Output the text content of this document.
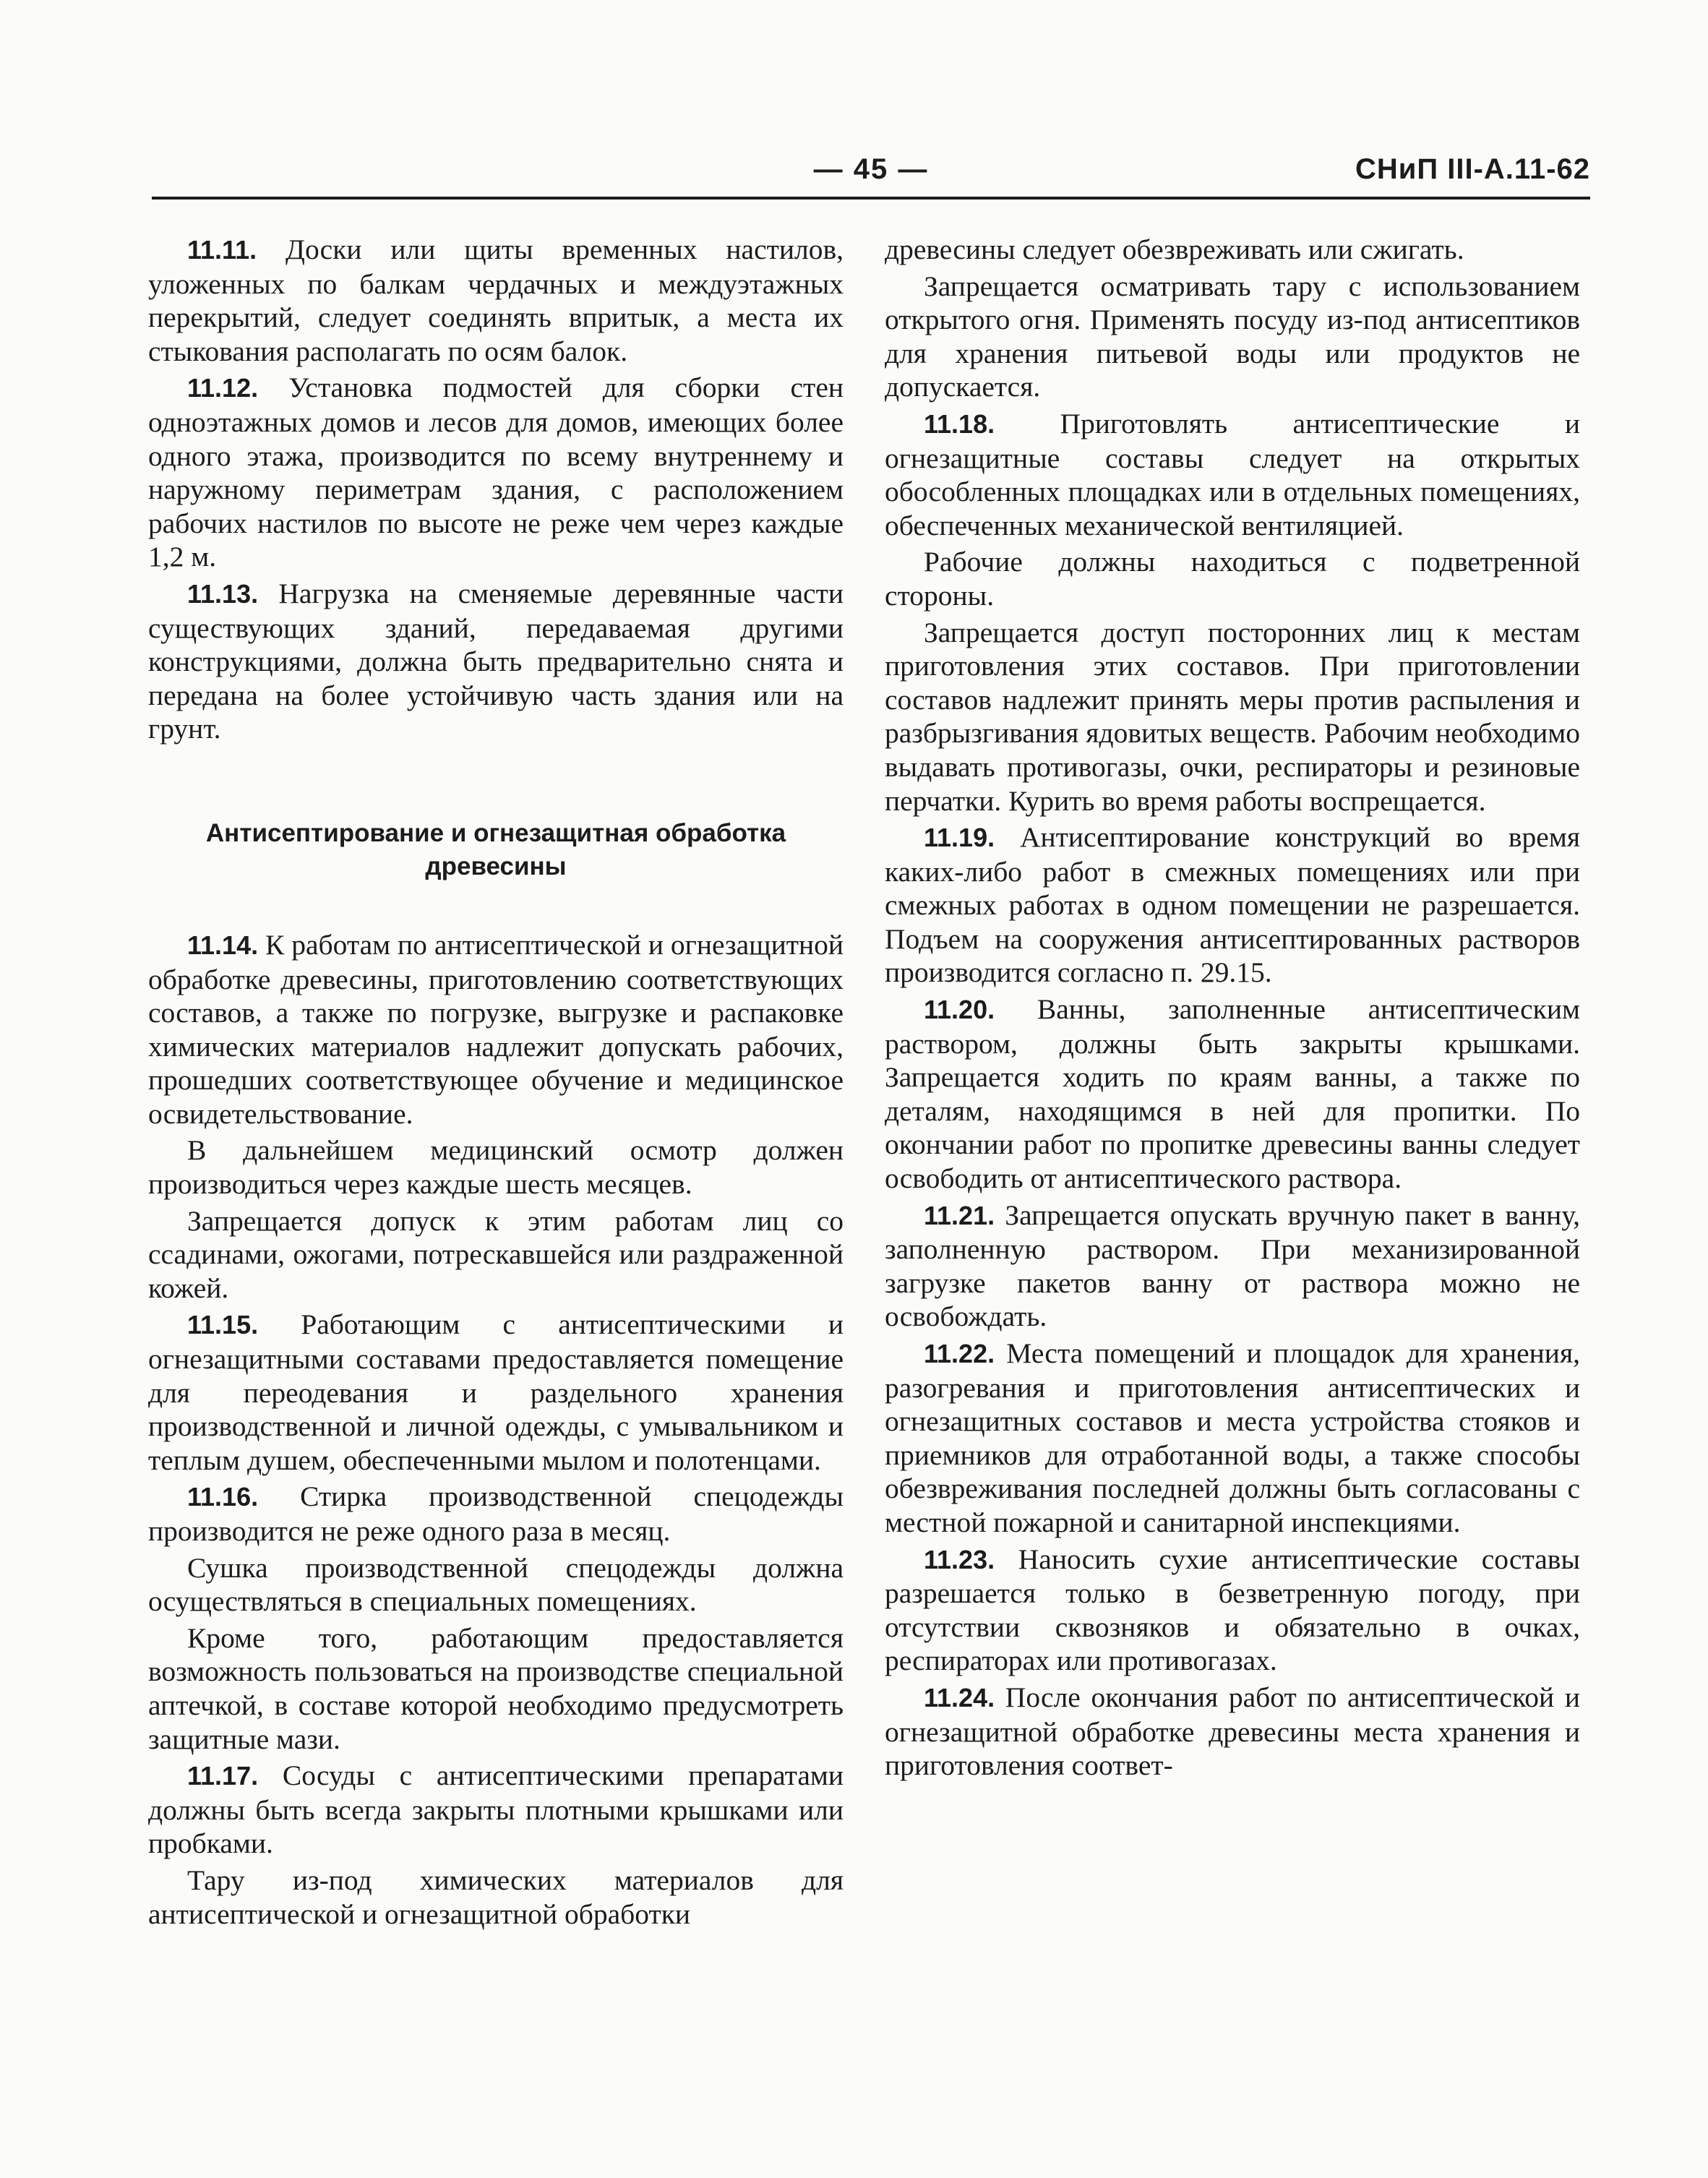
— 45 —	СНиП III-А.11-62

11.11. Доски или щиты временных настилов, уложенных по балкам чердачных и междуэтажных перекрытий, следует соединять впритык, а места их стыкования располагать по осям балок.

11.12. Установка подмостей для сборки стен одноэтажных домов и лесов для домов, имеющих более одного этажа, производится по всему внутреннему и наружному периметрам здания, с расположением рабочих настилов по высоте не реже чем через каждые 1,2 м.

11.13. Нагрузка на сменяемые деревянные части существующих зданий, передаваемая другими конструкциями, должна быть предварительно снята и передана на более устойчивую часть здания или на грунт.

Антисептирование и огнезащитная обработка древесины

11.14. К работам по антисептической и огнезащитной обработке древесины, приготовлению соответствующих составов, а также по погрузке, выгрузке и распаковке химических материалов надлежит допускать рабочих, прошедших соответствующее обучение и медицинское освидетельствование.

В дальнейшем медицинский осмотр должен производиться через каждые шесть месяцев.

Запрещается допуск к этим работам лиц со ссадинами, ожогами, потрескавшейся или раздраженной кожей.

11.15. Работающим с антисептическими и огнезащитными составами предоставляется помещение для переодевания и раздельного хранения производственной и личной одежды, с умывальником и теплым душем, обеспеченными мылом и полотенцами.

11.16. Стирка производственной спецодежды производится не реже одного раза в месяц.

Сушка производственной спецодежды должна осуществляться в специальных помещениях.

Кроме того, работающим предоставляется возможность пользоваться на производстве специальной аптечкой, в составе которой необходимо предусмотреть защитные мази.

11.17. Сосуды с антисептическими препаратами должны быть всегда закрыты плотными крышками или пробками.

Тару из-под химических материалов для антисептической и огнезащитной обработки

древесины следует обезвреживать или сжигать.

Запрещается осматривать тару с использованием открытого огня. Применять посуду из-под антисептиков для хранения питьевой воды или продуктов не допускается.

11.18. Приготовлять антисептические и огнезащитные составы следует на открытых обособленных площадках или в отдельных помещениях, обеспеченных механической вентиляцией.

Рабочие должны находиться с подветренной стороны.

Запрещается доступ посторонних лиц к местам приготовления этих составов. При приготовлении составов надлежит принять меры против распыления и разбрызгивания ядовитых веществ. Рабочим необходимо выдавать противогазы, очки, респираторы и резиновые перчатки. Курить во время работы воспрещается.

11.19. Антисептирование конструкций во время каких-либо работ в смежных помещениях или при смежных работах в одном помещении не разрешается. Подъем на сооружения антисептированных растворов производится согласно п. 29.15.

11.20. Ванны, заполненные антисептическим раствором, должны быть закрыты крышками. Запрещается ходить по краям ванны, а также по деталям, находящимся в ней для пропитки. По окончании работ по пропитке древесины ванны следует освободить от антисептического раствора.

11.21. Запрещается опускать вручную пакет в ванну, заполненную раствором. При механизированной загрузке пакетов ванну от раствора можно не освобождать.

11.22. Места помещений и площадок для хранения, разогревания и приготовления антисептических и огнезащитных составов и места устройства стояков и приемников для отработанной воды, а также способы обезвреживания последней должны быть согласованы с местной пожарной и санитарной инспекциями.

11.23. Наносить сухие антисептические составы разрешается только в безветренную погоду, при отсутствии сквозняков и обязательно в очках, респираторах или противогазах.

11.24. После окончания работ по антисептической и огнезащитной обработке древесины места хранения и приготовления соответ-
